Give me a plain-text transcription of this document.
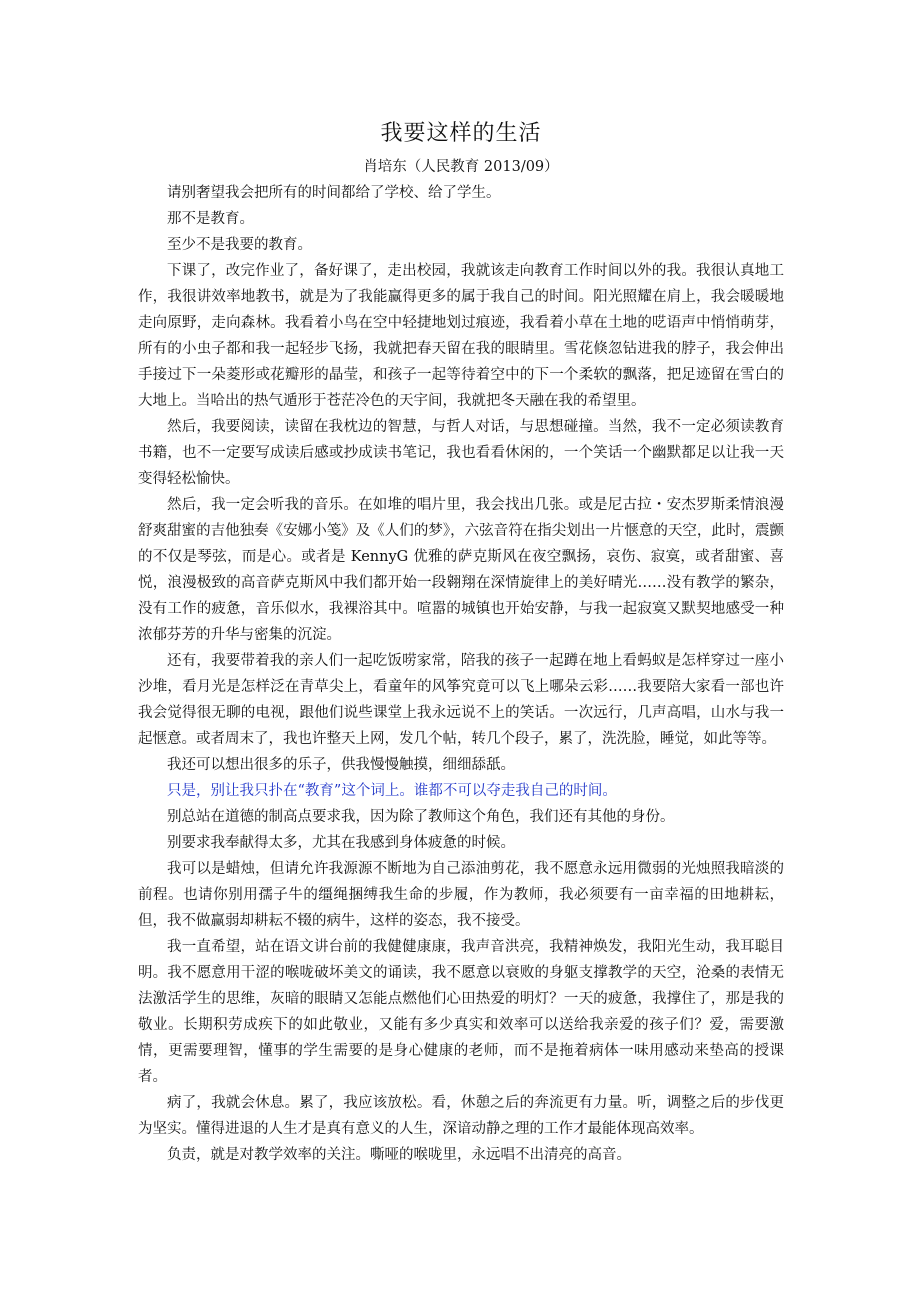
我要这样的生活
肖培东（人民教育 2013/09）

请别奢望我会把所有的时间都给了学校、给了学生。

那不是教育。

至少不是我要的教育。

下课了，改完作业了，备好课了，走出校园，我就该走向教育工作时间以外的我。我很认真地工作，我很讲效率地教书，就是为了我能赢得更多的属于我自己的时间。阳光照耀在肩上，我会暖暖地走向原野，走向森林。我看着小鸟在空中轻捷地划过痕迹，我看着小草在土地的呓语声中悄悄萌芽，所有的小虫子都和我一起轻步飞扬，我就把春天留在我的眼睛里。雪花倏忽钻进我的脖子，我会伸出手接过下一朵菱形或花瓣形的晶莹，和孩子一起等待着空中的下一个柔软的飘落，把足迹留在雪白的大地上。当哈出的热气遁形于苍茫冷色的天宇间，我就把冬天融在我的希望里。

然后，我要阅读，读留在我枕边的智慧，与哲人对话，与思想碰撞。当然，我不一定必须读教育书籍，也不一定要写成读后感或抄成读书笔记，我也看看休闲的，一个笑话一个幽默都足以让我一天变得轻松愉快。

然后，我一定会听我的音乐。在如堆的唱片里，我会找出几张。或是尼古拉・安杰罗斯柔情浪漫舒爽甜蜜的吉他独奏《安娜小笺》及《人们的梦》，六弦音符在指尖划出一片惬意的天空，此时，震颤的不仅是琴弦，而是心。或者是 KennyG 优雅的萨克斯风在夜空飘扬，哀伤、寂寞，或者甜蜜、喜悦，浪漫极致的高音萨克斯风中我们都开始一段翱翔在深情旋律上的美好晴光……没有教学的繁杂，没有工作的疲惫，音乐似水，我裸浴其中。喧嚣的城镇也开始安静，与我一起寂寞又默契地感受一种浓郁芬芳的升华与密集的沉淀。

还有，我要带着我的亲人们一起吃饭唠家常，陪我的孩子一起蹲在地上看蚂蚁是怎样穿过一座小沙堆，看月光是怎样泛在青草尖上，看童年的风筝究竟可以飞上哪朵云彩……我要陪大家看一部也许我会觉得很无聊的电视，跟他们说些课堂上我永远说不上的笑话。一次远行，几声高唱，山水与我一起惬意。或者周末了，我也许整天上网，发几个帖，转几个段子，累了，洗洗脸，睡觉，如此等等。

我还可以想出很多的乐子，供我慢慢触摸，细细舔舐。

只是，别让我只扑在“教育”这个词上。谁都不可以夺走我自己的时间。

别总站在道德的制高点要求我，因为除了教师这个角色，我们还有其他的身份。

别要求我奉献得太多，尤其在我感到身体疲惫的时候。

我可以是蜡烛，但请允许我源源不断地为自己添油剪花，我不愿意永远用微弱的光烛照我暗淡的前程。也请你别用孺子牛的缰绳捆缚我生命的步履，作为教师，我必须要有一亩幸福的田地耕耘，但，我不做赢弱却耕耘不辍的病牛，这样的姿态，我不接受。

我一直希望，站在语文讲台前的我健健康康，我声音洪亮，我精神焕发，我阳光生动，我耳聪目明。我不愿意用干涩的喉咙破坏美文的诵读，我不愿意以衰败的身躯支撑教学的天空，沧桑的表情无法激活学生的思维，灰暗的眼睛又怎能点燃他们心田热爱的明灯？一天的疲惫，我撑住了，那是我的敬业。长期积劳成疾下的如此敬业，又能有多少真实和效率可以送给我亲爱的孩子们？爱，需要激情，更需要理智，懂事的学生需要的是身心健康的老师，而不是拖着病体一味用感动来垫高的授课者。

病了，我就会休息。累了，我应该放松。看，休憩之后的奔流更有力量。听，调整之后的步伐更为坚实。懂得进退的人生才是真有意义的人生，深谙动静之理的工作才最能体现高效率。

负责，就是对教学效率的关注。嘶哑的喉咙里，永远唱不出清亮的高音。
